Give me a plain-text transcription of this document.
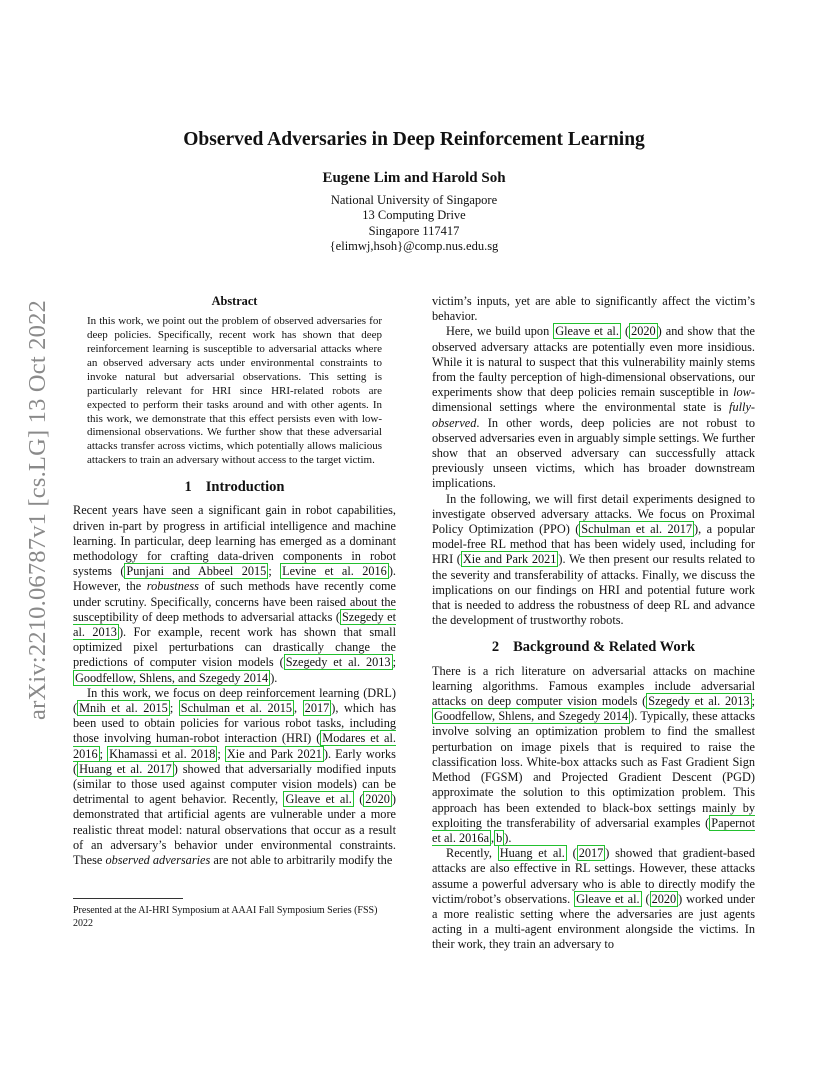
arXiv:2210.06787v1 [cs.LG] 13 Oct 2022
Observed Adversaries in Deep Reinforcement Learning
Eugene Lim and Harold Soh
National University of Singapore
13 Computing Drive
Singapore 117417
{elimwj,hsoh}@comp.nus.edu.sg
Abstract

In this work, we point out the problem of observed adversaries for deep policies. Specifically, recent work has shown that deep reinforcement learning is susceptible to adversarial attacks where an observed adversary acts under environmental constraints to invoke natural but adversarial observations. This setting is particularly relevant for HRI since HRI-related robots are expected to perform their tasks around and with other agents. In this work, we demonstrate that this effect persists even with low-dimensional observations. We further show that these adversarial attacks transfer across victims, which potentially allows malicious attackers to train an adversary without access to the target victim.

1 Introduction

Recent years have seen a significant gain in robot capabilities, driven in-part by progress in artificial intelligence and machine learning. In particular, deep learning has emerged as a dominant methodology for crafting data-driven components in robot systems ( Punjani and Abbeel 2015 ; Levine et al. 2016 ). However, the robustness of such methods have recently come under scrutiny. Specifically, concerns have been raised about the susceptibility of deep methods to adversarial attacks ( Szegedy et al. 2013 ). For example, recent work has shown that small optimized pixel perturbations can drastically change the predictions of computer vision models ( Szegedy et al. 2013 ; Goodfellow, Shlens, and Szegedy 2014 ).

In this work, we focus on deep reinforcement learning (DRL) ( Mnih et al. 2015 ; Schulman et al. 2015 , 2017 ), which has been used to obtain policies for various robot tasks, including those involving human-robot interaction (HRI) ( Modares et al. 2016 ; Khamassi et al. 2018 ; Xie and Park 2021 ). Early works ( Huang et al. 2017 ) showed that adversarially modified inputs (similar to those used against computer vision models) can be detrimental to agent behavior. Recently, Gleave et al. ( 2020 ) demonstrated that artificial agents are vulnerable under a more realistic threat model: natural observations that occur as a result of an adversary’s behavior under environmental constraints. These observed adversaries are not able to arbitrarily modify the

Presented at the AI-HRI Symposium at AAAI Fall Symposium Series (FSS) 2022

victim’s inputs, yet are able to significantly affect the victim’s behavior.

Here, we build upon Gleave et al. ( 2020 ) and show that the observed adversary attacks are potentially even more insidious. While it is natural to suspect that this vulnerability mainly stems from the faulty perception of high-dimensional observations, our experiments show that deep policies remain susceptible in low-dimensional settings where the environmental state is fully-observed. In other words, deep policies are not robust to observed adversaries even in arguably simple settings. We further show that an observed adversary can successfully attack previously unseen victims, which has broader downstream implications.

In the following, we will first detail experiments designed to investigate observed adversary attacks. We focus on Proximal Policy Optimization (PPO) ( Schulman et al. 2017 ), a popular model-free RL method that has been widely used, including for HRI ( Xie and Park 2021 ). We then present our results related to the severity and transferability of attacks. Finally, we discuss the implications on our findings on HRI and potential future work that is needed to address the robustness of deep RL and advance the development of trustworthy robots.

2 Background & Related Work

There is a rich literature on adversarial attacks on machine learning algorithms. Famous examples include adversarial attacks on deep computer vision models ( Szegedy et al. 2013 ; Goodfellow, Shlens, and Szegedy 2014 ). Typically, these attacks involve solving an optimization problem to find the smallest perturbation on image pixels that is required to raise the classification loss. White-box attacks such as Fast Gradient Sign Method (FGSM) and Projected Gradient Descent (PGD) approximate the solution to this optimization problem. This approach has been extended to black-box settings mainly by exploiting the transferability of adversarial examples ( Papernot et al. 2016a , b ).

Recently, Huang et al. ( 2017 ) showed that gradient-based attacks are also effective in RL settings. However, these attacks assume a powerful adversary who is able to directly modify the victim/robot’s observations. Gleave et al. ( 2020 ) worked under a more realistic setting where the adversaries are just agents acting in a multi-agent environment alongside the victims. In their work, they train an adversary to
